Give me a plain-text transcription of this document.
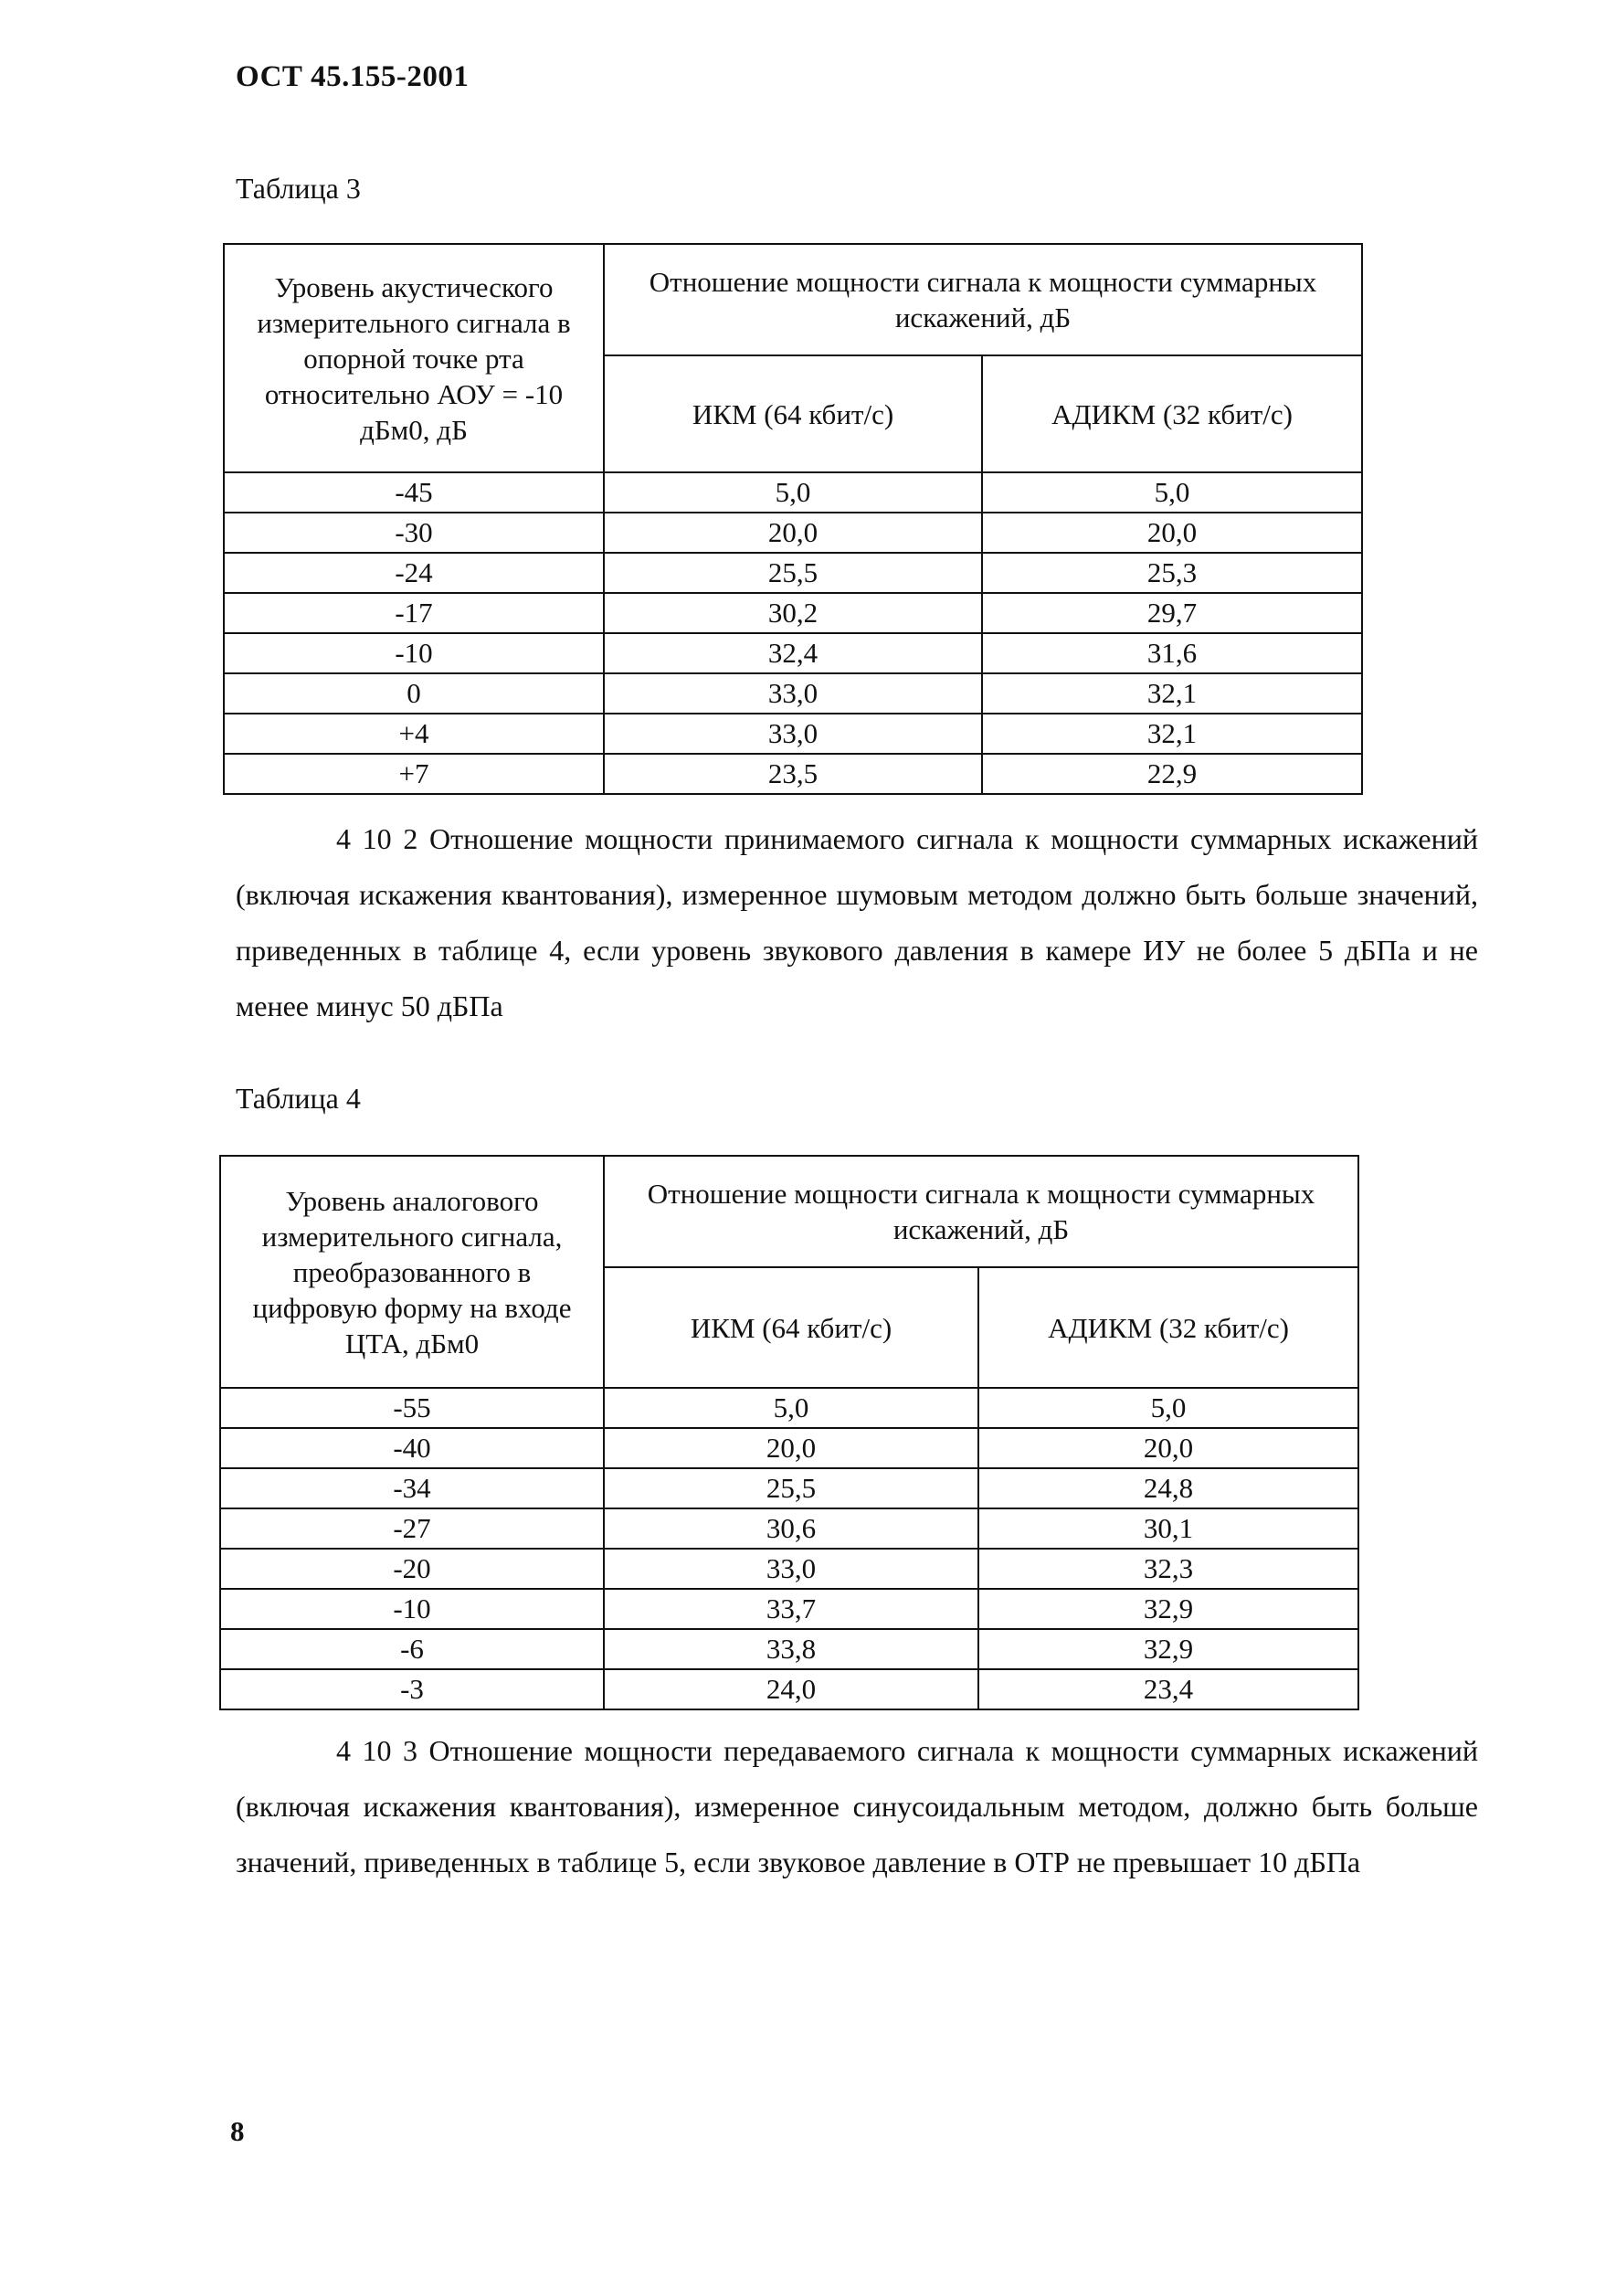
ОСТ 45.155-2001
Таблица 3
Уровень акустического измерительного сигнала в опорной точке рта относительно АОУ = -10 дБм0, дБ	Отношение мощности сигнала к мощности суммарных искажений, дБ	
	ИКМ (64 кбит/с)	АДИКМ (32 кбит/с)
-45	5,0	5,0
-30	20,0	20,0
-24	25,5	25,3
-17	30,2	29,7
-10	32,4	31,6
0	33,0	32,1
+4	33,0	32,1
+7	23,5	22,9

4 10 2 Отношение мощности принимаемого сигнала к мощности суммарных искажений (включая искажения квантования), измеренное шумовым методом должно быть больше значений, приведенных в таблице 4, если уровень звукового давления в камере ИУ не более 5 дБПа и не менее минус 50 дБПа

Таблица 4
Уровень аналогового измерительного сигнала, преобразованного в цифровую форму на входе ЦТА, дБм0	Отношение мощности сигнала к мощности суммарных искажений, дБ	
	ИКМ (64 кбит/с)	АДИКМ (32 кбит/с)
-55	5,0	5,0
-40	20,0	20,0
-34	25,5	24,8
-27	30,6	30,1
-20	33,0	32,3
-10	33,7	32,9
-6	33,8	32,9
-3	24,0	23,4

4 10 3 Отношение мощности передаваемого сигнала к мощности суммарных искажений (включая искажения квантования), измеренное синусоидальным методом, должно быть больше значений, приведенных в таблице 5, если звуковое давление в ОТР не превышает 10 дБПа

8
